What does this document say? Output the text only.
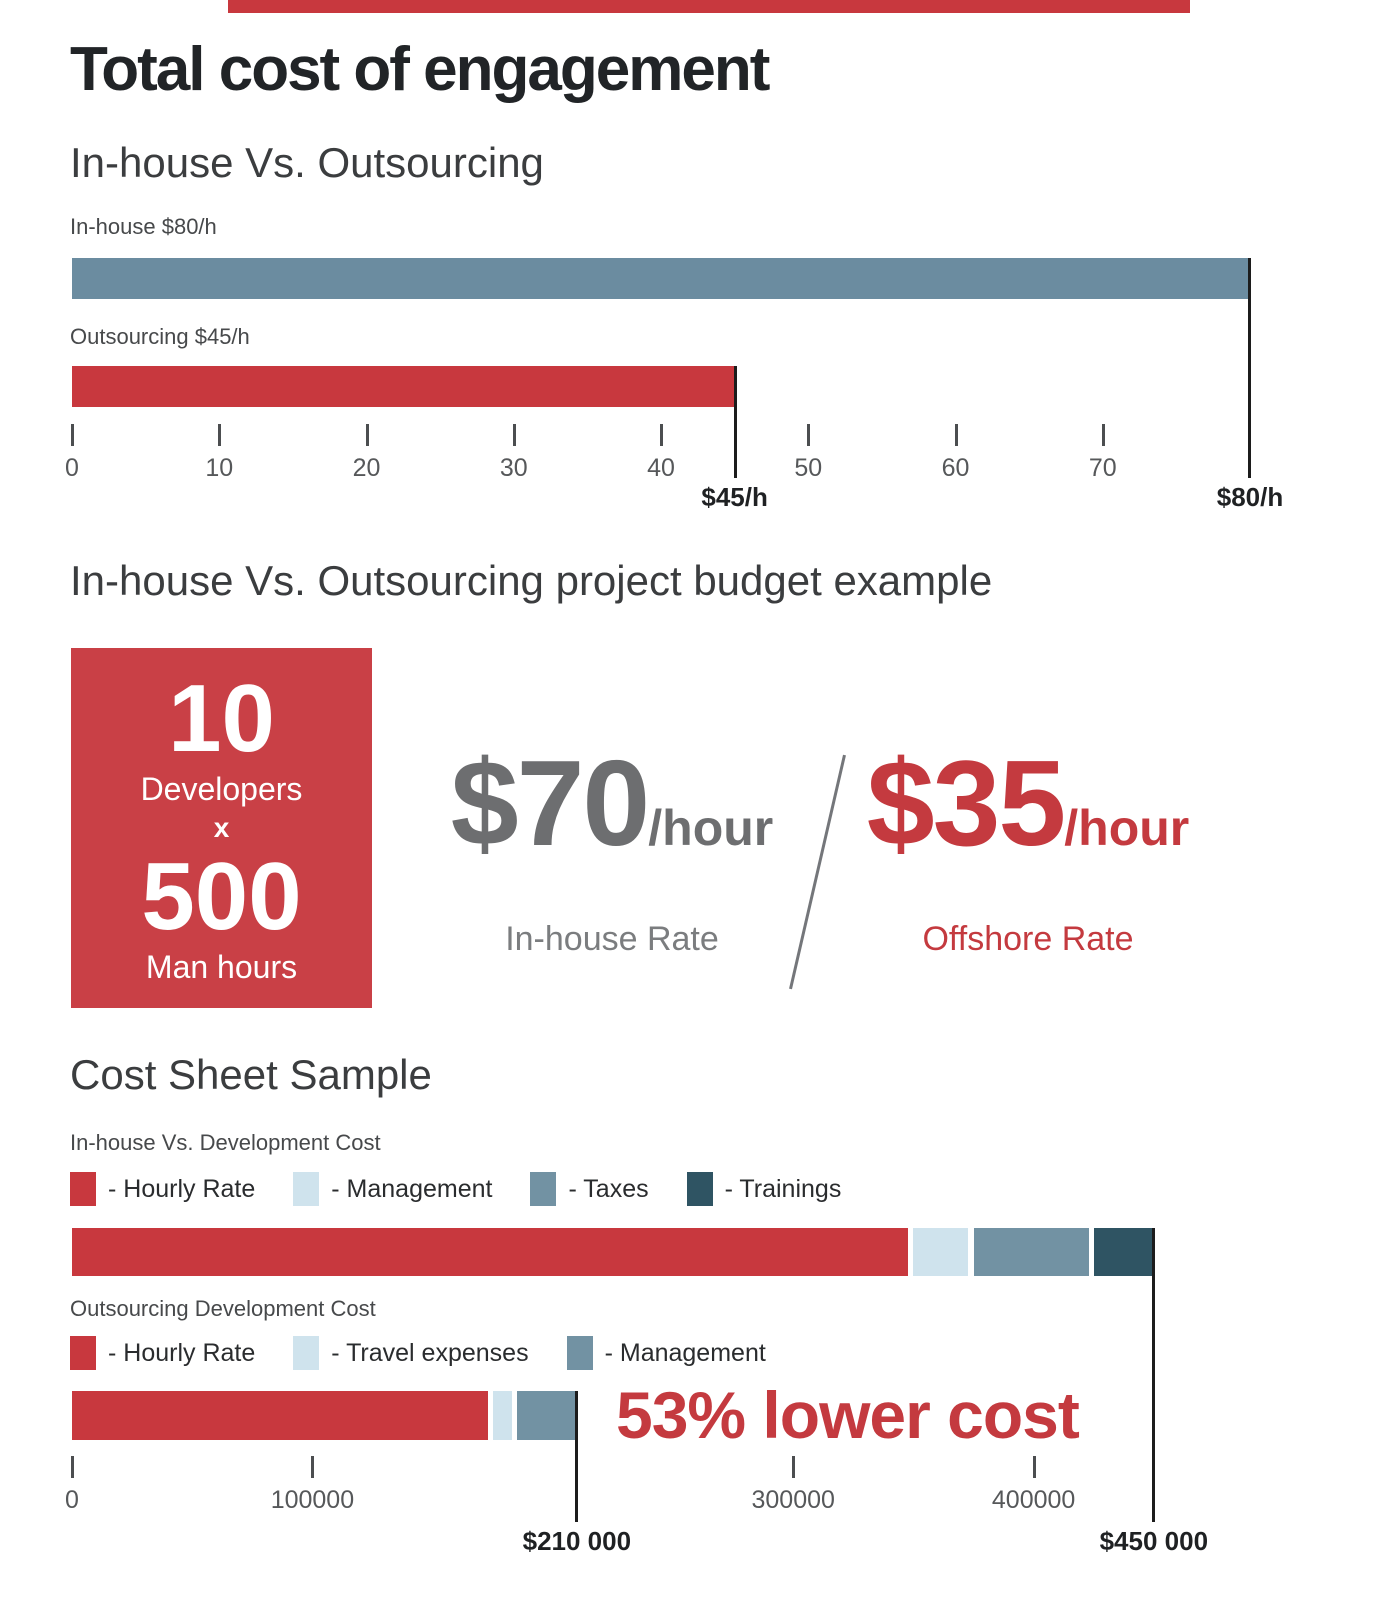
Total cost of engagement
In-house Vs. Outsourcing
In-house $80/h
Outsourcing $45/h
0	10	20	30	40	50	60	70
$45/h	$80/h
In-house Vs. Outsourcing project budget example
10
Developers
x
500
Man hours
$70 /hour
In-house Rate
$35 /hour
Offshore Rate
Cost Sheet Sample
In-house Vs. Development Cost
- Hourly Rate	- Management	- Taxes	- Trainings
Outsourcing Development Cost
- Hourly Rate	- Travel expenses	- Management
53% lower cost
0	100000	300000	400000
$450 000
$210 000
